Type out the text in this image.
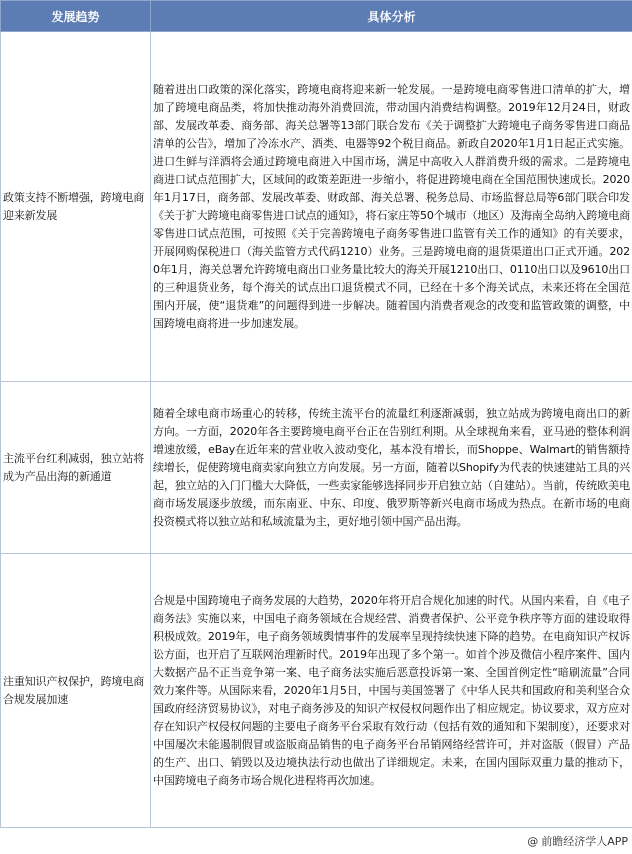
发展趋势	具体分析
政策支持不断增强，跨境电商迎来新发展	随着进出口政策的深化落实，跨境电商将迎来新一轮发展。一是跨境电商零售进口清单的扩大，增加了跨境电商品类，将加快推动海外消费回流，带动国内消费结构调整。2019年12月24日，财政部、发展改革委、商务部、海关总署等13部门联合发布《关于调整扩大跨境电子商务零售进口商品清单的公告》，增加了冷冻水产、酒类、电器等92个税目商品。新政自2020年1月1日起正式实施。进口生鲜与洋酒将会通过跨境电商进入中国市场，满足中高收入人群消费升级的需求。二是跨境电商进口试点范围扩大，区域间的政策差距进一步缩小，将促进跨境电商在全国范围快速成长。2020年1月17日，商务部、发展改革委、财政部、海关总署、税务总局、市场监督总局等6部门联合印发《关于扩大跨境电商零售进口试点的通知》，将石家庄等50个城市（地区）及海南全岛纳入跨境电商零售进口试点范围，可按照《关于完善跨境电子商务零售进口监管有关工作的通知》的有关要求，开展网购保税进口（海关监管方式代码1210）业务。三是跨境电商的退货渠道出口正式开通。2020年1月，海关总署允许跨境电商出口业务量比较大的海关开展1210出口、0110出口以及9610出口的三种退货业务，每个海关的试点出口退货模式不同，已经在十多个海关试点，未来还将在全国范围内开展，使“退货难”的问题得到进一步解决。随着国内消费者观念的改变和监管政策的调整，中国跨境电商将进一步加速发展。
主流平台红利减弱，独立站将成为产品出海的新通道	随着全球电商市场重心的转移，传统主流平台的流量红利逐渐减弱，独立站成为跨境电商出口的新方向。一方面，2020年各主要跨境电商平台正在告别红利期。从全球视角来看，亚马逊的整体利润增速放缓，eBay在近年来的营业收入波动变化，基本没有增长，而Shoppe、Walmart的销售额持续增长，促使跨境电商卖家向独立方向发展。另一方面，随着以Shopify为代表的快速建站工具的兴起，独立站的入门门槛大大降低，一些卖家能够选择同步开启独立站（自建站）。当前，传统欧美电商市场发展逐步放缓，而东南亚、中东、印度、俄罗斯等新兴电商市场成为热点。在新市场的电商投资模式将以独立站和私域流量为主，更好地引领中国产品出海。
注重知识产权保护，跨境电商合规发展加速	合规是中国跨境电子商务发展的大趋势，2020年将开启合规化加速的时代。从国内来看，自《电子商务法》实施以来，中国电子商务领域在合规经营、消费者保护、公平竞争秩序等方面的建设取得积极成效。2019年，电子商务领域舆情事件的发展率呈现持续快速下降的趋势。在电商知识产权诉讼方面，也开启了互联网治理新时代。2019年出现了多个第一。如首个涉及微信小程序案件、国内大数据产品不正当竞争第一案、电子商务法实施后恶意投诉第一案、全国首例定性“暗刷流量”合同效力案件等。从国际来看，2020年1月5日，中国与美国签署了《中华人民共和国政府和美利坚合众国政府经济贸易协议》，对电子商务涉及的知识产权侵权问题作出了相应规定。协议要求，双方应对存在知识产权侵权问题的主要电子商务平台采取有效行动（包括有效的通知和下架制度），还要求对中国屡次未能遏制假冒或盗版商品销售的电子商务平台吊销网络经营许可，并对盗版（假冒）产品的生产、出口、销毁以及边境执法行动也做出了详细规定。未来，在国内国际双重力量的推动下，中国跨境电子商务市场合规化进程将再次加速。
@ 前瞻经济学人APP
